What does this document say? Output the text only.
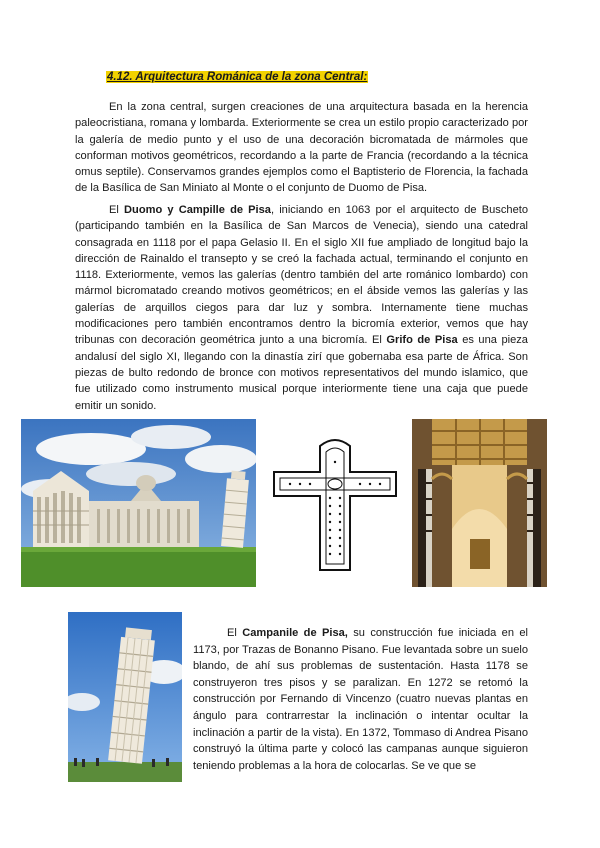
4.12. Arquitectura Románica de la zona Central:

En la zona central, surgen creaciones de una arquitectura basada en la herencia paleocristiana, romana y lombarda. Exteriormente se crea un estilo propio caracterizado por la galería de medio punto y el uso de una decoración bicromatada de mármoles que conforman motivos geométricos, recordando a la parte de Francia (recordando a la técnica omus septile). Conservamos grandes ejemplos como el Baptisterio de Florencia, la fachada de la Basílica de San Miniato al Monte o el conjunto de Duomo de Pisa.

El Duomo y Campille de Pisa, iniciando en 1063 por el arquitecto de Buscheto (participando también en la Basílica de San Marcos de Venecia), siendo una catedral consagrada en 1118 por el papa Gelasio II. En el siglo XII fue ampliado de longitud bajo la dirección de Rainaldo el transepto y se creó la fachada actual, terminando el conjunto en 1118. Exteriormente, vemos las galerías (dentro también del arte románico lombardo) con mármol bicromatado creando motivos geométricos; en el ábside vemos las galerías y las galerías de arquillos ciegos para dar luz y sombra. Internamente tiene muchas modificaciones pero también encontramos dentro la bicromía exterior, vemos que hay tribunas con decoración geométrica junto a una bicromía. El Grifo de Pisa es una pieza andalusí del siglo XI, llegando con la dinastía zirí que gobernaba esa parte de África. Son piezas de bulto redondo de bronce con motivos representativos del mundo islamico, que fue utilizado como instrumento musical porque interiormente tiene una caja que puede emitir un sonido.

El Campanile de Pisa, su construcción fue iniciada en el 1173, por Trazas de Bonanno Pisano. Fue levantada sobre un suelo blando, de ahí sus problemas de sustentación. Hasta 1178 se construyeron tres pisos y se paralizan. En 1272 se retomó la construcción por Fernando di Vincenzo (cuatro nuevas plantas en ángulo para contrarrestar la inclinación o intentar ocultar la inclinación a partir de la vista). En 1372, Tommaso di Andrea Pisano construyó la última parte y colocó las campanas aunque siguieron teniendo problemas a la hora de colocarlas. Se ve que se
